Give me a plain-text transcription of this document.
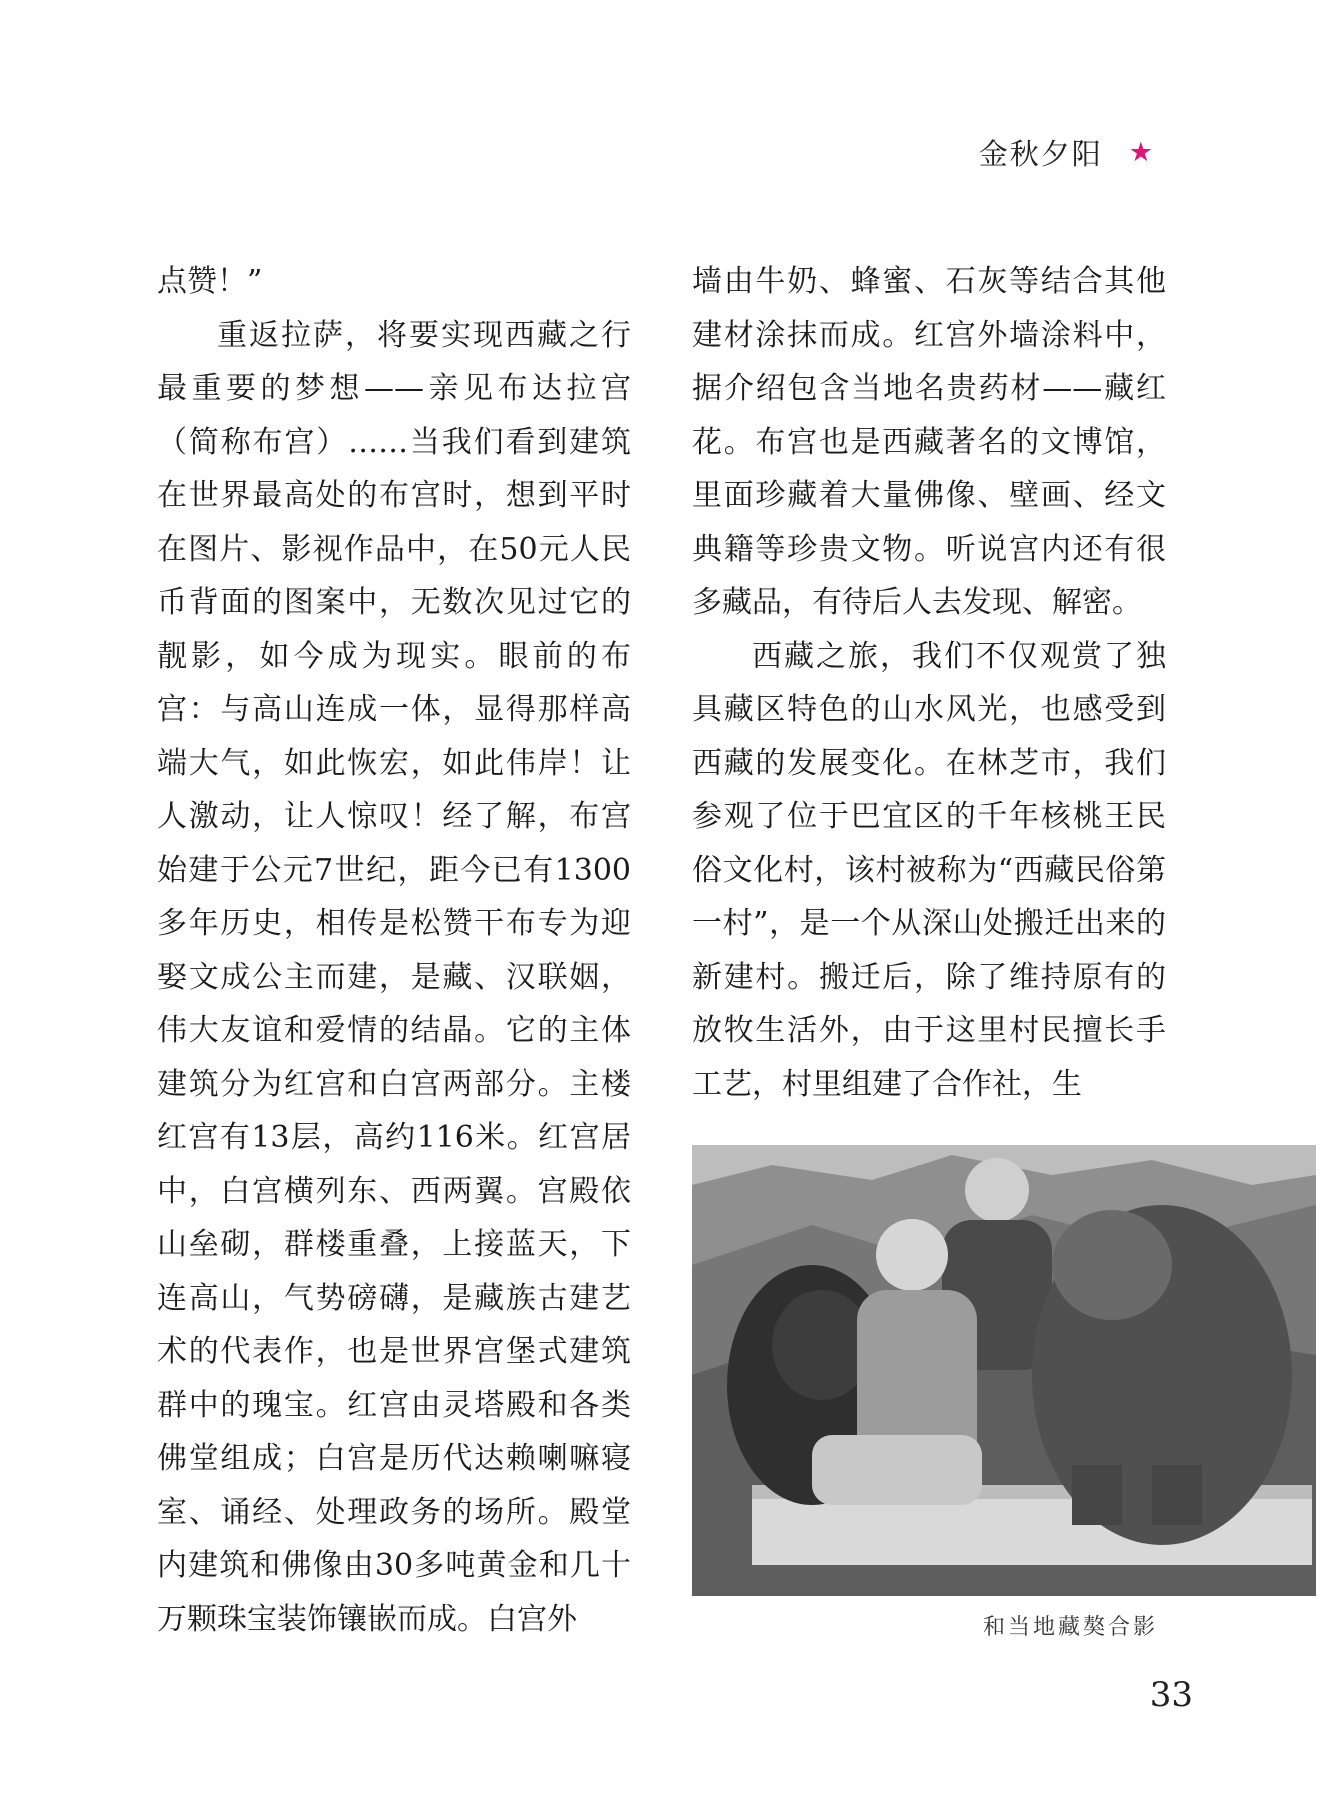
金秋夕阳 ★

点赞！”

重返拉萨，将要实现西藏之行最重要的梦想——亲见布达拉宫（简称布宫）……当我们看到建筑在世界最高处的布宫时，想到平时在图片、影视作品中，在50元人民币背面的图案中，无数次见过它的靓影，如今成为现实。眼前的布宫：与高山连成一体，显得那样高端大气，如此恢宏，如此伟岸！让人激动，让人惊叹！经了解，布宫始建于公元7世纪，距今已有1300多年历史，相传是松赞干布专为迎娶文成公主而建，是藏、汉联姻，伟大友谊和爱情的结晶。它的主体建筑分为红宫和白宫两部分。主楼红宫有13层，高约116米。红宫居中，白宫横列东、西两翼。宫殿依山垒砌，群楼重叠，上接蓝天，下连高山，气势磅礴，是藏族古建艺术的代表作，也是世界宫堡式建筑群中的瑰宝。红宫由灵塔殿和各类佛堂组成；白宫是历代达赖喇嘛寝室、诵经、处理政务的场所。殿堂内建筑和佛像由30多吨黄金和几十万颗珠宝装饰镶嵌而成。白宫外

墙由牛奶、蜂蜜、石灰等结合其他建材涂抹而成。红宫外墙涂料中，据介绍包含当地名贵药材——藏红花。布宫也是西藏著名的文博馆，里面珍藏着大量佛像、壁画、经文典籍等珍贵文物。听说宫内还有很多藏品，有待后人去发现、解密。

西藏之旅，我们不仅观赏了独具藏区特色的山水风光，也感受到西藏的发展变化。在林芝市，我们参观了位于巴宜区的千年核桃王民俗文化村，该村被称为“西藏民俗第一村”，是一个从深山处搬迁出来的新建村。搬迁后，除了维持原有的放牧生活外，由于这里村民擅长手工艺，村里组建了合作社，生

和当地藏獒合影
33
